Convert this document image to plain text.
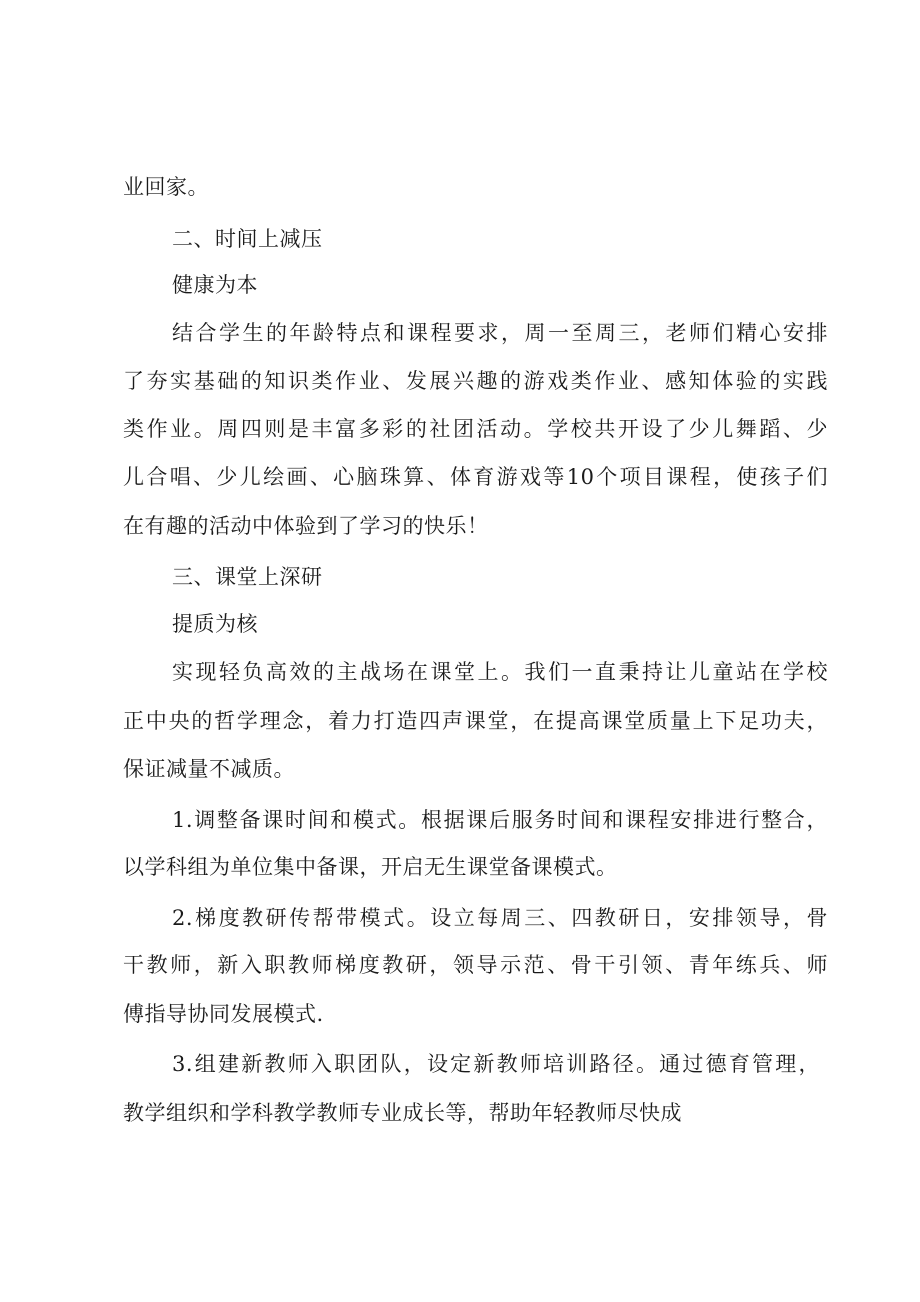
业回家。
二、时间上减压
健康为本
结合学生的年龄特点和课程要求，周一至周三，老师们精心安排
了夯实基础的知识类作业、发展兴趣的游戏类作业、感知体验的实践
类作业。周四则是丰富多彩的社团活动。学校共开设了少儿舞蹈、少
儿合唱、少儿绘画、心脑珠算、体育游戏等10个项目课程，使孩子们
在有趣的活动中体验到了学习的快乐！
三、课堂上深研
提质为核
实现轻负高效的主战场在课堂上。我们一直秉持让儿童站在学校
正中央的哲学理念，着力打造四声课堂，在提高课堂质量上下足功夫，
保证减量不减质。
1.调整备课时间和模式。根据课后服务时间和课程安排进行整合，
以学科组为单位集中备课，开启无生课堂备课模式。
2.梯度教研传帮带模式。设立每周三、四教研日，安排领导，骨
干教师，新入职教师梯度教研，领导示范、骨干引领、青年练兵、师
傅指导协同发展模式.
3.组建新教师入职团队，设定新教师培训路径。通过德育管理，
教学组织和学科教学教师专业成长等，帮助年轻教师尽快成
